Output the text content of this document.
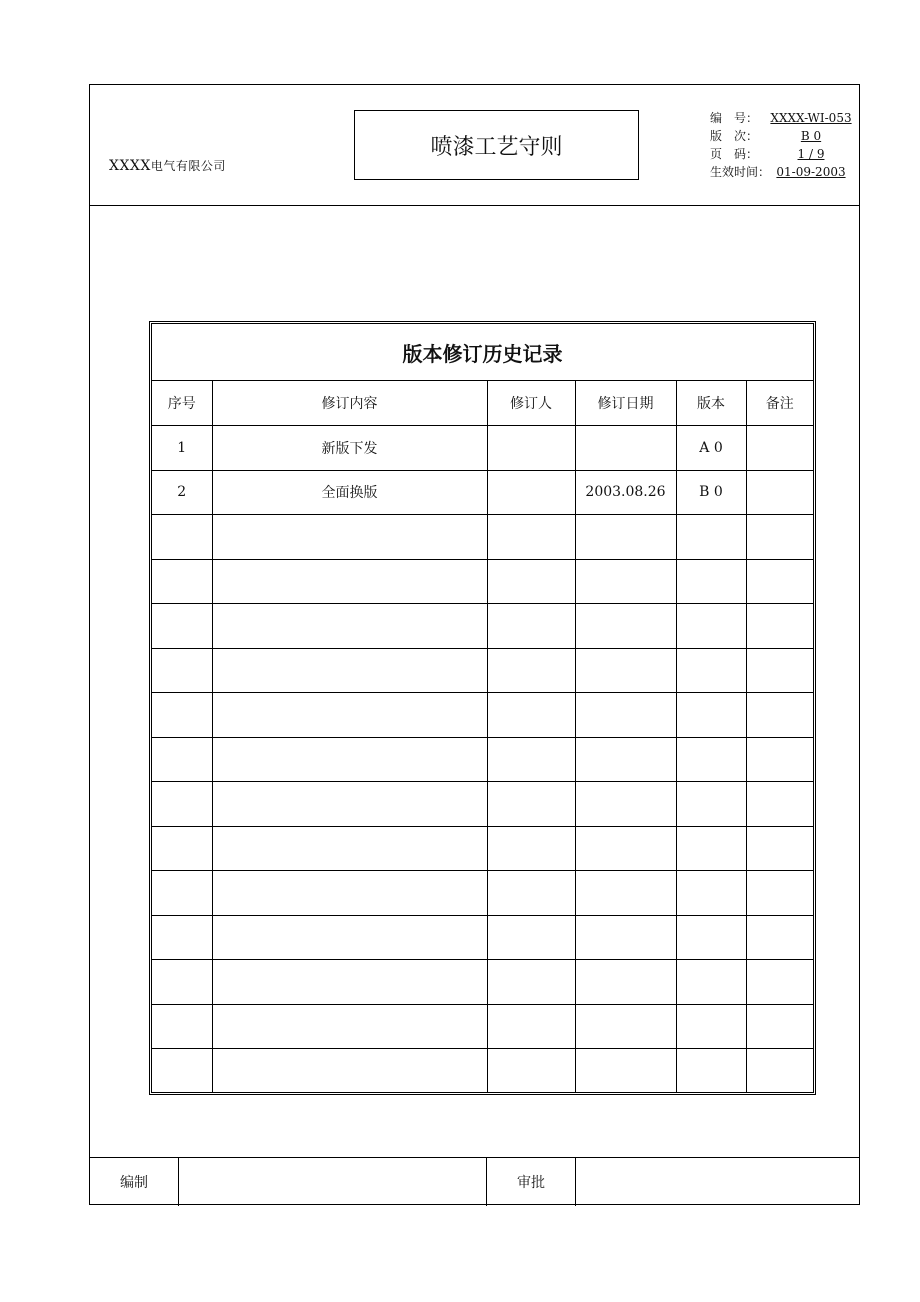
XXXX电气有限公司
喷漆工艺守则
编　号：	XXXX-WI-053
版　次：	B 0
页　码：	1 / 9
生效时间： 01-09-2003
编制	审批
版本修订历史记录
序号	修订内容	修订人	修订日期	版本	备注
1	新版下发			A 0	
2	全面换版		2003.08.26	B 0	
